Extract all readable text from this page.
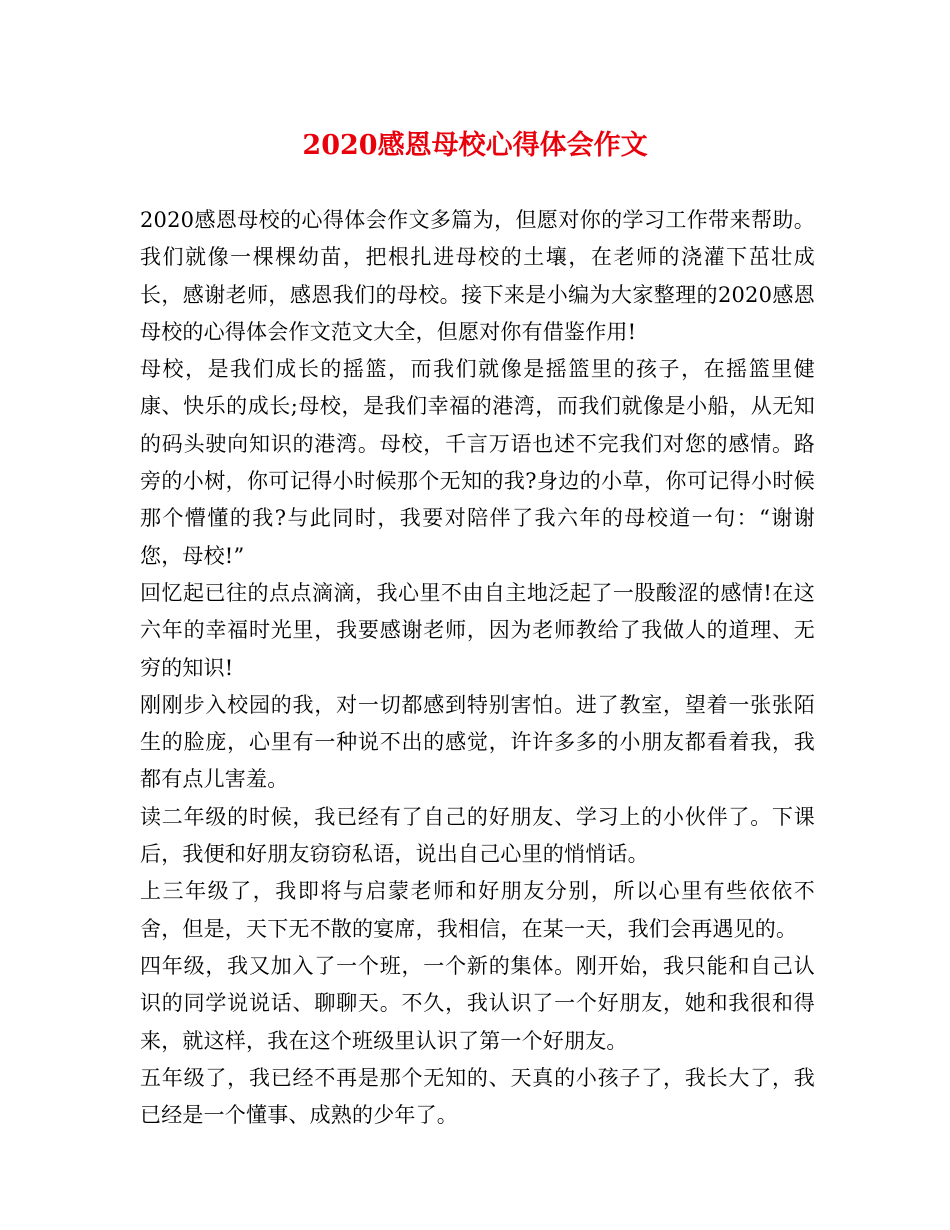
2020感恩母校心得体会作文

2020感恩母校的心得体会作文多篇为，但愿对你的学习工作带来帮助。我们就像一棵棵幼苗，把根扎进母校的土壤，在老师的浇灌下茁壮成长，感谢老师，感恩我们的母校。接下来是小编为大家整理的2020感恩母校的心得体会作文范文大全，但愿对你有借鉴作用!

母校，是我们成长的摇篮，而我们就像是摇篮里的孩子，在摇篮里健康、快乐的成长;母校，是我们幸福的港湾，而我们就像是小船，从无知的码头驶向知识的港湾。母校，千言万语也述不完我们对您的感情。路旁的小树，你可记得小时候那个无知的我?身边的小草，你可记得小时候那个懵懂的我?与此同时，我要对陪伴了我六年的母校道一句：“谢谢您，母校!”

回忆起已往的点点滴滴，我心里不由自主地泛起了一股酸涩的感情!在这六年的幸福时光里，我要感谢老师，因为老师教给了我做人的道理、无穷的知识!

刚刚步入校园的我，对一切都感到特别害怕。进了教室，望着一张张陌生的脸庞，心里有一种说不出的感觉，许许多多的小朋友都看着我，我都有点儿害羞。

读二年级的时候，我已经有了自己的好朋友、学习上的小伙伴了。下课后，我便和好朋友窃窃私语，说出自己心里的悄悄话。

上三年级了，我即将与启蒙老师和好朋友分别，所以心里有些依依不舍，但是，天下无不散的宴席，我相信，在某一天，我们会再遇见的。

四年级，我又加入了一个班，一个新的集体。刚开始，我只能和自己认识的同学说说话、聊聊天。不久，我认识了一个好朋友，她和我很和得来，就这样，我在这个班级里认识了第一个好朋友。

五年级了，我已经不再是那个无知的、天真的小孩子了，我长大了，我已经是一个懂事、成熟的少年了。
